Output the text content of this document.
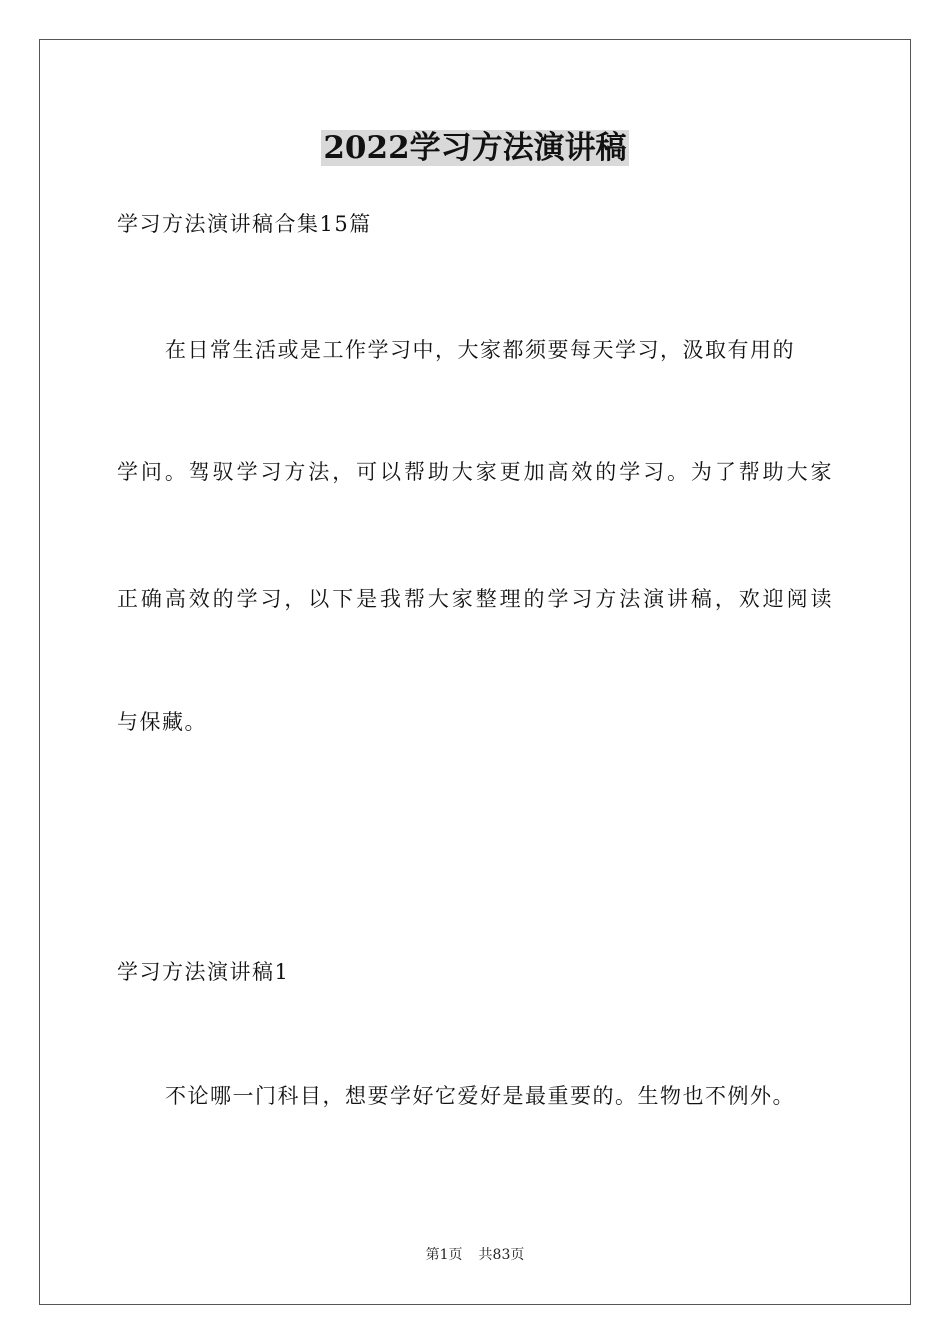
2022学习方法演讲稿
学习方法演讲稿合集15篇
在日常生活或是工作学习中，大家都须要每天学习，汲取有用的
学问。驾驭学习方法，可以帮助大家更加高效的学习。为了帮助大家
正确高效的学习，以下是我帮大家整理的学习方法演讲稿，欢迎阅读
与保藏。
学习方法演讲稿1
不论哪一门科目，想要学好它爱好是最重要的。生物也不例外。
第1页 共83页
